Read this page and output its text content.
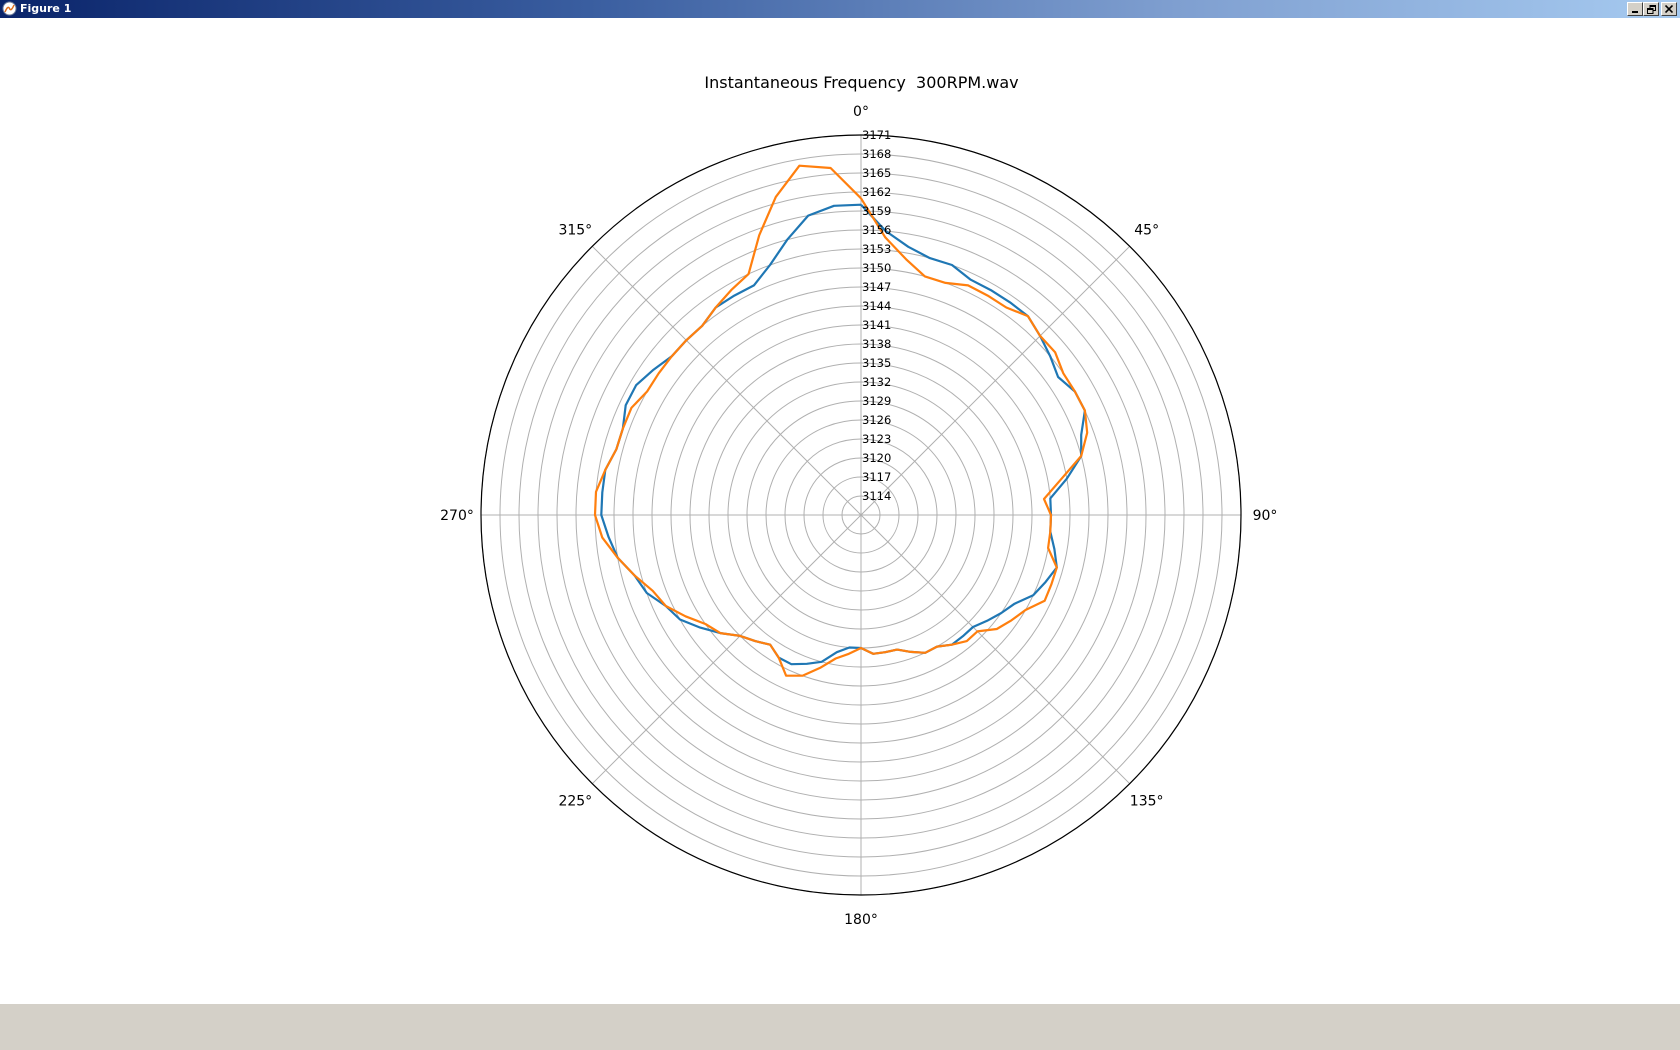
Figure 1
Instantaneous Frequency  300RPM.wav
3114
3117
3120
3123
3126
3129
3132
3135
3138
3141
3144
3147
3150
3153
3156
3159
3162
3165
3168
3171
0°
45°
90°
135°
180°
225°
270°
315°
